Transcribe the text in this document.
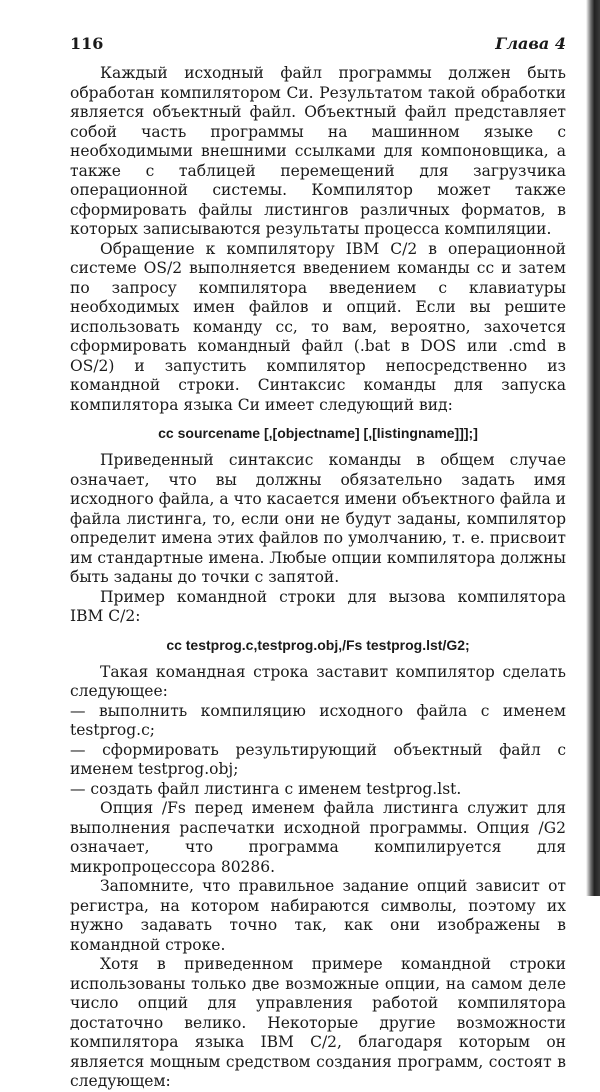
116	Глава 4

Каждый исходный файл программы должен быть обработан компилятором Си. Результатом такой обработки является объектный файл. Объектный файл представляет собой часть программы на машинном языке с необходимыми внешними ссылками для компоновщика, а также с таблицей перемещений для загрузчика операционной системы. Компилятор может также сформировать файлы листингов различных форматов, в которых записываются результаты процесса компиляции.

Обращение к компилятору IBM C/2 в операционной системе OS/2 выполняется введением команды cc и затем по запросу компилятора введением с клавиатуры необходимых имен файлов и опций. Если вы решите использовать команду cc, то вам, вероятно, захочется сформировать командный файл (.bat в DOS или .cmd в OS/2) и запустить компилятор непосредственно из командной строки. Синтаксис команды для запуска компилятора языка Си имеет следующий вид:

cc sourcename [,[objectname] [,[listingname]]];]

Приведенный синтаксис команды в общем случае означает, что вы должны обязательно задать имя исходного файла, а что касается имени объектного файла и файла листинга, то, если они не будут заданы, компилятор определит имена этих файлов по умолчанию, т. е. присвоит им стандартные имена. Любые опции компилятора должны быть заданы до точки с запятой.

Пример командной строки для вызова компилятора IBM C/2:

cc testprog.c,testprog.obj,/Fs testprog.lst/G2;

Такая командная строка заставит компилятор сделать следующее:

— выполнить компиляцию исходного файла с именем testprog.c;

— сформировать результирующий объектный файл с именем testprog.obj;

— создать файл листинга с именем testprog.lst.

Опция /Fs перед именем файла листинга служит для выполнения распечатки исходной программы. Опция /G2 означает, что программа компилируется для микропроцессора 80286.

Запомните, что правильное задание опций зависит от регистра, на котором набираются символы, поэтому их нужно задавать точно так, как они изображены в командной строке.

Хотя в приведенном примере командной строки использованы только две возможные опции, на самом деле число опций для управления работой компилятора достаточно велико. Некоторые другие возможности компилятора языка IBM C/2, благодаря которым он является мощным средством создания программ, состоят в следующем:
